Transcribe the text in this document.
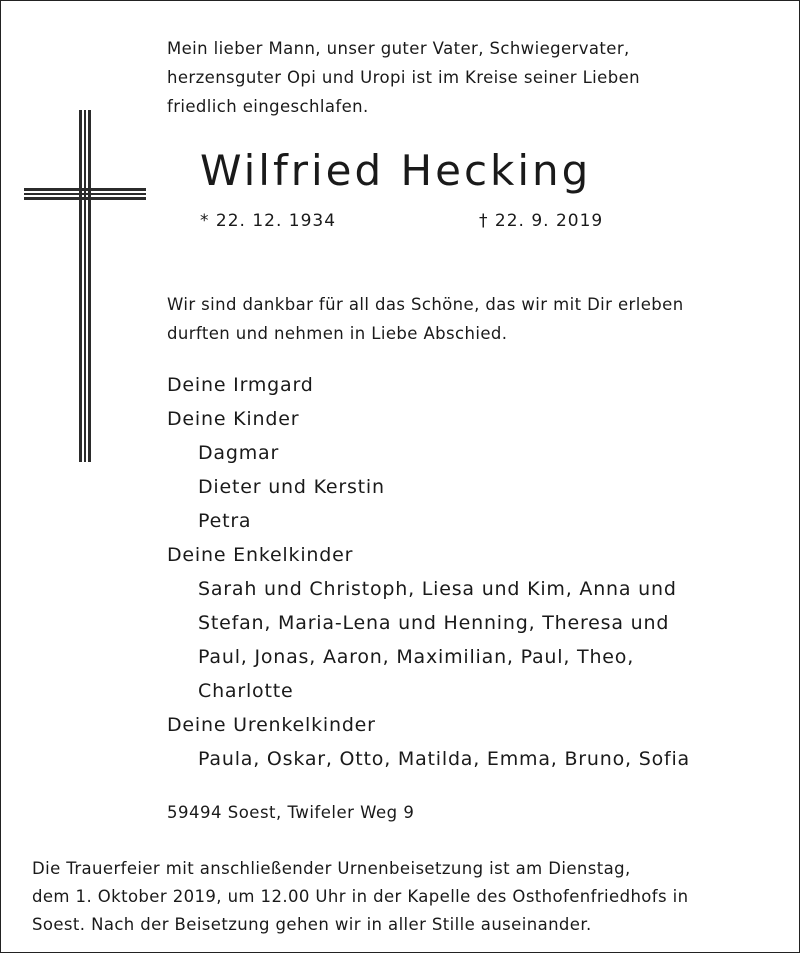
Mein lieber Mann, unser guter Vater, Schwiegervater,
herzensguter Opi und Uropi ist im Kreise seiner Lieben
friedlich eingeschlafen.
Wilfried Hecking
* 22. 12. 1934	† 22. 9. 2019
Wir sind dankbar für all das Schöne, das wir mit Dir erleben
durften und nehmen in Liebe Abschied.
Deine Irmgard
Deine Kinder
Dagmar
Dieter und Kerstin
Petra
Deine Enkelkinder
Sarah und Christoph, Liesa und Kim, Anna und
Stefan, Maria-Lena und Henning, Theresa und
Paul, Jonas, Aaron, Maximilian, Paul, Theo,
Charlotte
Deine Urenkelkinder
Paula, Oskar, Otto, Matilda, Emma, Bruno, Sofia
59494 Soest, Twifeler Weg 9
Die Trauerfeier mit anschließender Urnenbeisetzung ist am Dienstag,
dem 1. Oktober 2019, um 12.00 Uhr in der Kapelle des Osthofenfriedhofs in
Soest. Nach der Beisetzung gehen wir in aller Stille auseinander.
